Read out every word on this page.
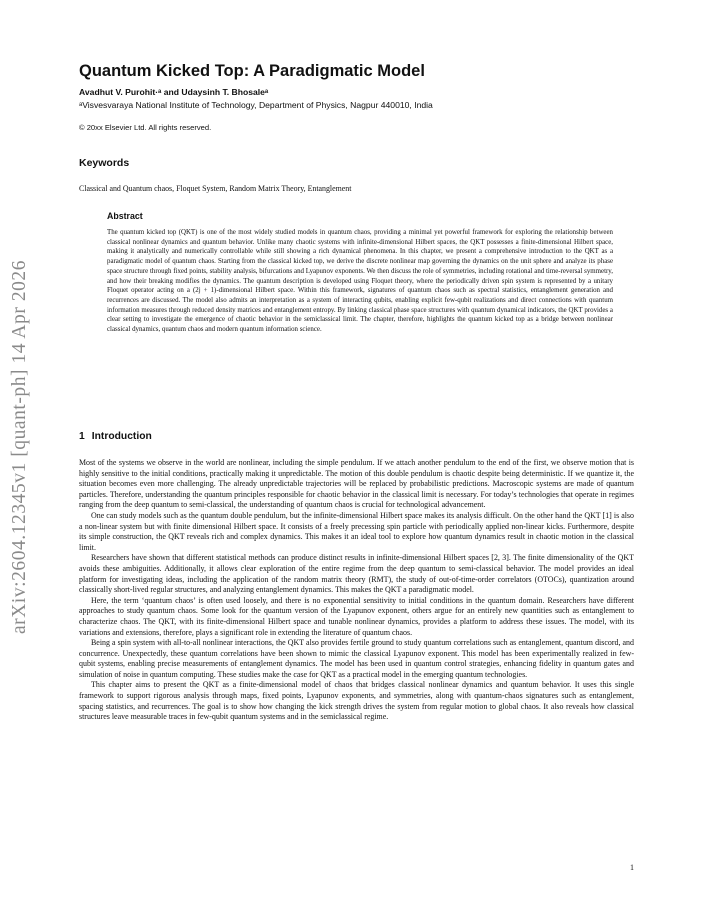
arXiv:2604.12345v1 [quant-ph] 14 Apr 2026
Quantum Kicked Top: A Paradigmatic Model
Avadhut V. Purohit·ᵃ and Udaysinh T. Bhosaleᵃ
ᵃVisvesvaraya National Institute of Technology, Department of Physics, Nagpur 440010, India
© 20xx Elsevier Ltd. All rights reserved.
Keywords
Classical and Quantum chaos, Floquet System, Random Matrix Theory, Entanglement
Abstract

The quantum kicked top (QKT) is one of the most widely studied models in quantum chaos, providing a minimal yet powerful framework for exploring the relationship between classical nonlinear dynamics and quantum behavior. Unlike many chaotic systems with infinite-dimensional Hilbert spaces, the QKT possesses a finite-dimensional Hilbert space, making it analytically and numerically controllable while still showing a rich dynamical phenomena. In this chapter, we present a comprehensive introduction to the QKT as a paradigmatic model of quantum chaos. Starting from the classical kicked top, we derive the discrete nonlinear map governing the dynamics on the unit sphere and analyze its phase space structure through fixed points, stability analysis, bifurcations and Lyapunov exponents. We then discuss the role of symmetries, including rotational and time-reversal symmetry, and how their breaking modifies the dynamics. The quantum description is developed using Floquet theory, where the periodically driven spin system is represented by a unitary Floquet operator acting on a (2j + 1)-dimensional Hilbert space. Within this framework, signatures of quantum chaos such as spectral statistics, entanglement generation and recurrences are discussed. The model also admits an interpretation as a system of interacting qubits, enabling explicit few-qubit realizations and direct connections with quantum information measures through reduced density matrices and entanglement entropy. By linking classical phase space structures with quantum dynamical indicators, the QKT provides a clear setting to investigate the emergence of chaotic behavior in the semiclassical limit. The chapter, therefore, highlights the quantum kicked top as a bridge between nonlinear classical dynamics, quantum chaos and modern quantum information science.

1 Introduction

Most of the systems we observe in the world are nonlinear, including the simple pendulum. If we attach another pendulum to the end of the first, we observe motion that is highly sensitive to the initial conditions, practically making it unpredictable. The motion of this double pendulum is chaotic despite being deterministic. If we quantize it, the situation becomes even more challenging. The already unpredictable trajectories will be replaced by probabilistic predictions. Macroscopic systems are made of quantum particles. Therefore, understanding the quantum principles responsible for chaotic behavior in the classical limit is necessary. For today’s technologies that operate in regimes ranging from the deep quantum to semi-classical, the understanding of quantum chaos is crucial for technological advancement.

One can study models such as the quantum double pendulum, but the infinite-dimensional Hilbert space makes its analysis difficult. On the other hand the QKT [1] is also a non-linear system but with finite dimensional Hilbert space. It consists of a freely precessing spin particle with periodically applied non-linear kicks. Furthermore, despite its simple construction, the QKT reveals rich and complex dynamics. This makes it an ideal tool to explore how quantum dynamics result in chaotic motion in the classical limit.

Researchers have shown that different statistical methods can produce distinct results in infinite-dimensional Hilbert spaces [2, 3]. The finite dimensionality of the QKT avoids these ambiguities. Additionally, it allows clear exploration of the entire regime from the deep quantum to semi-classical behavior. The model provides an ideal platform for investigating ideas, including the application of the random matrix theory (RMT), the study of out-of-time-order correlators (OTOCs), quantization around classically short-lived regular structures, and analyzing entanglement dynamics. This makes the QKT a paradigmatic model.

Here, the term ‘quantum chaos’ is often used loosely, and there is no exponential sensitivity to initial conditions in the quantum domain. Researchers have different approaches to study quantum chaos. Some look for the quantum version of the Lyapunov exponent, others argue for an entirely new quantities such as entanglement to characterize chaos. The QKT, with its finite-dimensional Hilbert space and tunable nonlinear dynamics, provides a platform to address these issues. The model, with its variations and extensions, therefore, plays a significant role in extending the literature of quantum chaos.

Being a spin system with all-to-all nonlinear interactions, the QKT also provides fertile ground to study quantum correlations such as entanglement, quantum discord, and concurrence. Unexpectedly, these quantum correlations have been shown to mimic the classical Lyapunov exponent. This model has been experimentally realized in few-qubit systems, enabling precise measurements of entanglement dynamics. The model has been used in quantum control strategies, enhancing fidelity in quantum gates and simulation of noise in quantum computing. These studies make the case for QKT as a practical model in the emerging quantum technologies.

This chapter aims to present the QKT as a finite-dimensional model of chaos that bridges classical nonlinear dynamics and quantum behavior. It uses this single framework to support rigorous analysis through maps, fixed points, Lyapunov exponents, and symmetries, along with quantum-chaos signatures such as entanglement, spacing statistics, and recurrences. The goal is to show how changing the kick strength drives the system from regular motion to global chaos. It also reveals how classical structures leave measurable traces in few-qubit quantum systems and in the semiclassical regime.

1
